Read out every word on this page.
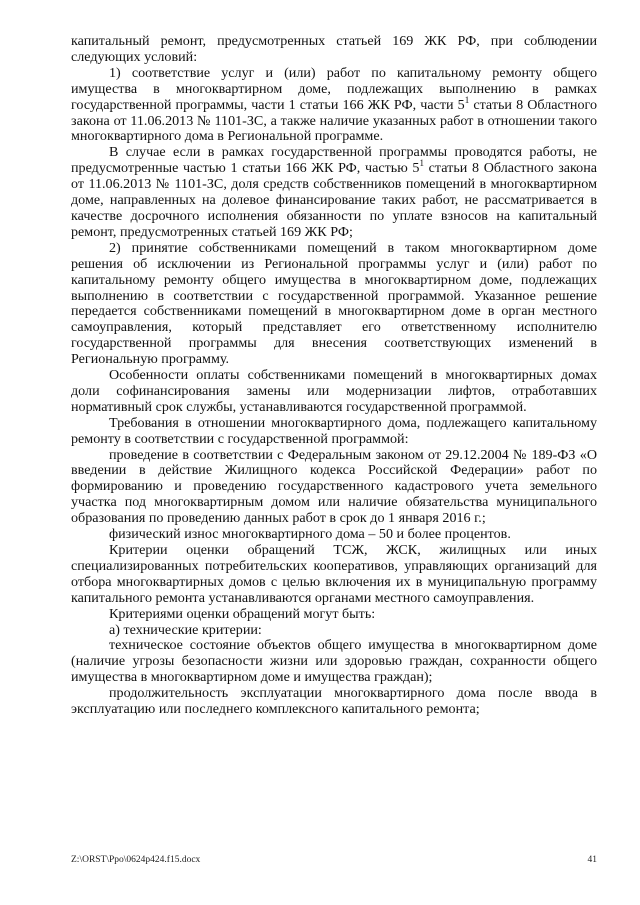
капитальный ремонт, предусмотренных статьей 169 ЖК РФ, при соблюдении следующих условий:

1) соответствие услуг и (или) работ по капитальному ремонту общего имущества в многоквартирном доме, подлежащих выполнению в рамках государственной программы, части 1 статьи 166 ЖК РФ, части $5^1$ статьи 8 Областного закона от 11.06.2013 № 1101-ЗС, а также наличие указанных работ в отношении такого многоквартирного дома в Региональной программе.

В случае если в рамках государственной программы проводятся работы, не предусмотренные частью 1 статьи 166 ЖК РФ, частью $5^1$ статьи 8 Областного закона от 11.06.2013 № 1101-ЗС, доля средств собственников помещений в многоквартирном доме, направленных на долевое финансирование таких работ, не рассматривается в качестве досрочного исполнения обязанности по уплате взносов на капитальный ремонт, предусмотренных статьей 169 ЖК РФ;

2) принятие собственниками помещений в таком многоквартирном доме решения об исключении из Региональной программы услуг и (или) работ по капитальному ремонту общего имущества в многоквартирном доме, подлежащих выполнению в соответствии с государственной программой. Указанное решение передается собственниками помещений в многоквартирном доме в орган местного самоуправления, который представляет его ответственному исполнителю государственной программы для внесения соответствующих изменений в Региональную программу.

Особенности оплаты собственниками помещений в многоквартирных домах доли софинансирования замены или модернизации лифтов, отработавших нормативный срок службы, устанавливаются государственной программой.

Требования в отношении многоквартирного дома, подлежащего капитальному ремонту в соответствии с государственной программой:

проведение в соответствии с Федеральным законом от 29.12.2004 № 189-ФЗ «О введении в действие Жилищного кодекса Российской Федерации» работ по формированию и проведению государственного кадастрового учета земельного участка под многоквартирным домом или наличие обязательства муниципального образования по проведению данных работ в срок до 1 января 2016 г.;

физический износ многоквартирного дома – 50 и более процентов.

Критерии оценки обращений ТСЖ, ЖСК, жилищных или иных специализированных потребительских кооперативов, управляющих организаций для отбора многоквартирных домов с целью включения их в муниципальную программу капитального ремонта устанавливаются органами местного самоуправления.

Критериями оценки обращений могут быть:

а) технические критерии:

техническое состояние объектов общего имущества в многоквартирном доме (наличие угрозы безопасности жизни или здоровью граждан, сохранности общего имущества в многоквартирном доме и имущества граждан);

продолжительность эксплуатации многоквартирного дома после ввода в эксплуатацию или последнего комплексного капитального ремонта;

Z:\ORST\Ppo\0624p424.f15.docx	41
